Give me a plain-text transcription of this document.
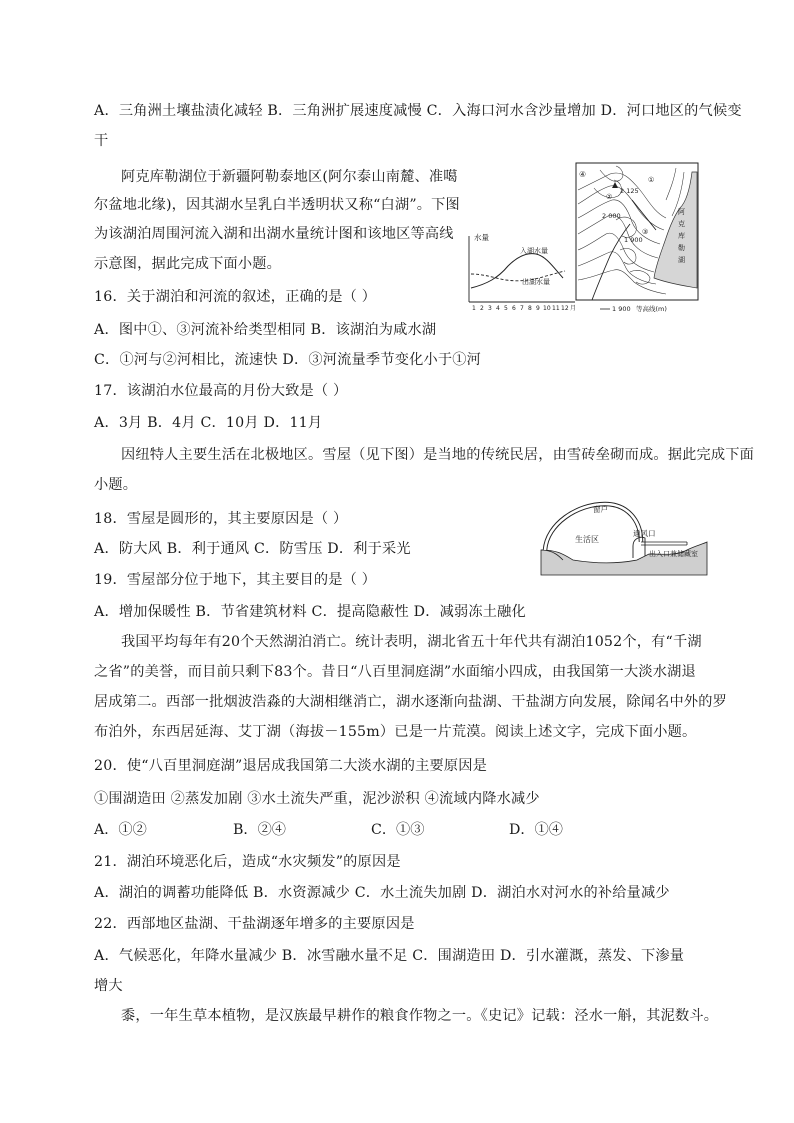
A．三角洲土壤盐渍化减轻 B．三角洲扩展速度减慢 C．入海口河水含沙量增加 D．河口地区的气候变
干
阿克库勒湖位于新疆阿勒泰地区(阿尔泰山南麓、准噶
尔盆地北缘)，因其湖水呈乳白半透明状又称“白湖”。下图
为该湖泊周围河流入湖和出湖水量统计图和该地区等高线
示意图，据此完成下面小题。
16．关于湖泊和河流的叙述，正确的是（ ）
A．图中①、③河流补给类型相同 B．该湖泊为咸水湖
C．①河与②河相比，流速快 D．③河流量季节变化小于①河
17．该湖泊水位最高的月份大致是（ ）
A．3月 B．4月 C．10月 D．11月
因纽特人主要生活在北极地区。雪屋（见下图）是当地的传统民居，由雪砖垒砌而成。据此完成下面
小题。
18．雪屋是圆形的，其主要原因是（ ）
A．防大风 B．利于通风 C．防雪压 D．利于采光
19．雪屋部分位于地下，其主要目的是（ ）
A．增加保暖性 B．节省建筑材料 C．提高隐蔽性 D．减弱冻土融化
我国平均每年有20个天然湖泊消亡。统计表明，湖北省五十年代共有湖泊1052个，有“千湖
之省”的美誉，而目前只剩下83个。昔日“八百里洞庭湖”水面缩小四成，由我国第一大淡水湖退
居成第二。西部一批烟波浩淼的大湖相继消亡，湖水逐渐向盐湖、干盐湖方向发展，除闻名中外的罗
布泊外，东西居延海、艾丁湖（海拔－155m）已是一片荒漠。阅读上述文字，完成下面小题。
20．使“八百里洞庭湖”退居成我国第二大淡水湖的主要原因是
①围湖造田 ②蒸发加剧 ③水土流失严重，泥沙淤积 ④流域内降水减少
A．①②	B．②④	C．①③	D．①④
21．湖泊环境恶化后，造成“水灾频发”的原因是
A．湖泊的调蓄功能降低 B．水资源减少 C．水土流失加剧 D．湖泊水对河水的补给量减少
22．西部地区盐湖、干盐湖逐年增多的主要原因是
A．气候恶化，年降水量减少 B．冰雪融水量不足 C．围湖造田 D．引水灌溉，蒸发、下渗量
增大
黍，一年生草本植物，是汉族最早耕作的粮食作物之一。《史记》记载：泾水一斛，其泥数斗。
水量
入湖水量
出湖水量
1 2 3 4 5 6 7 8 9 10 11 12 月
④
②
①
③
2 125
2 000
1 900
阿
克
库
勒
湖
1 900 等高线(m)
窗户
通风口
生活区
出入口兼储藏室
